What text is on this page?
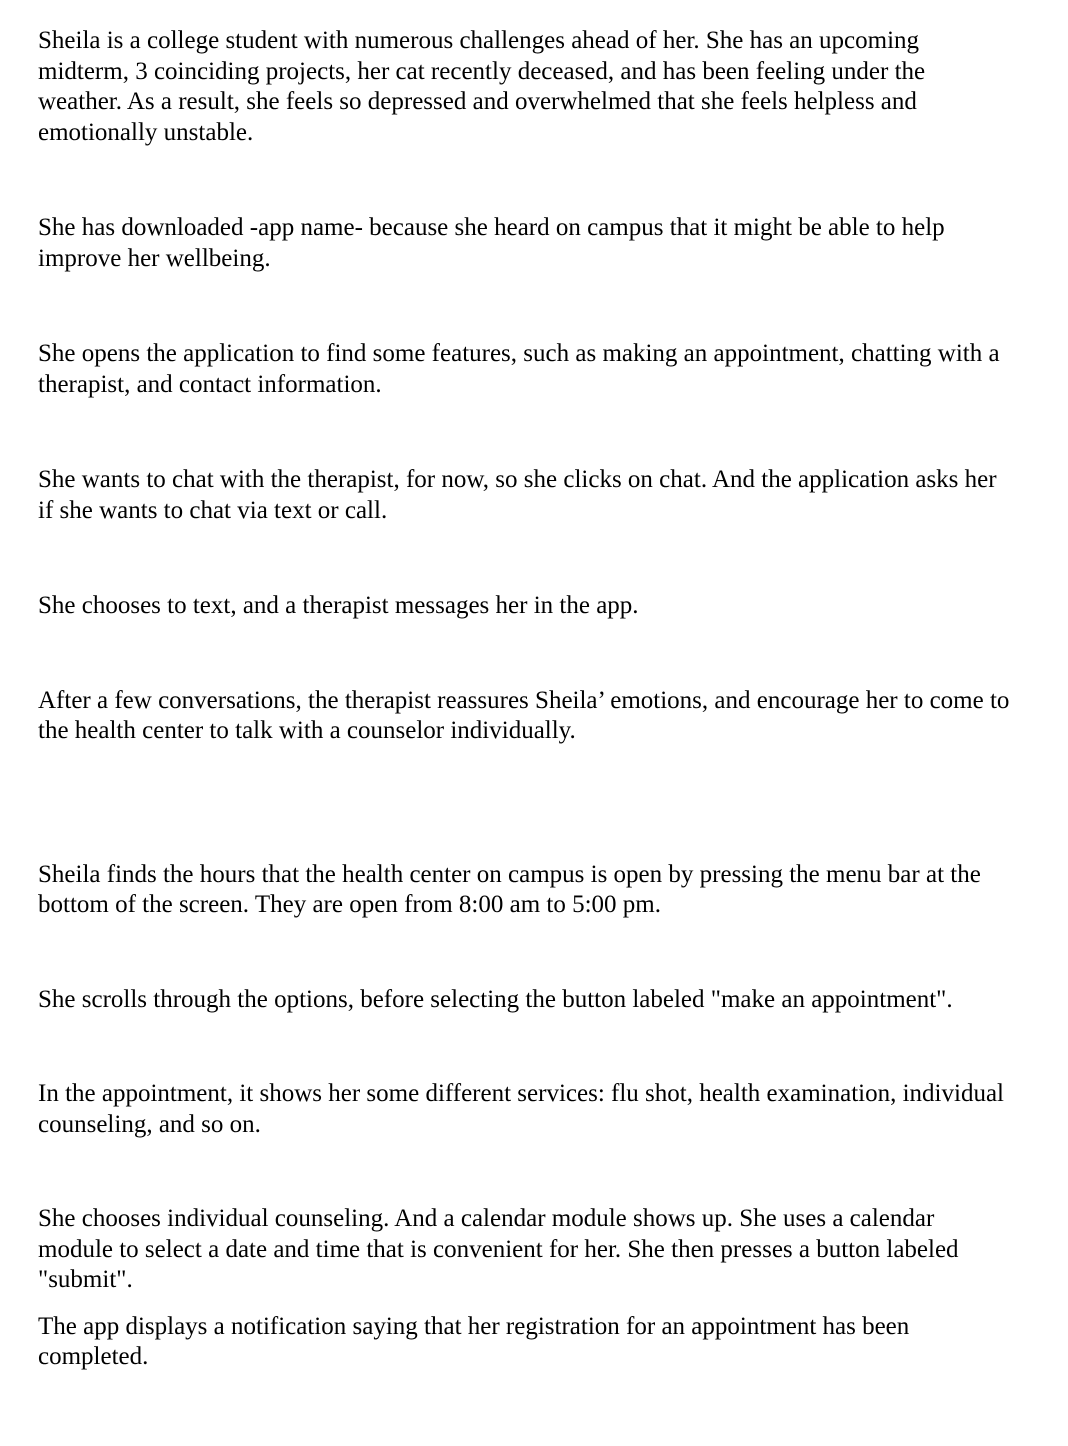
Sheila is a college student with numerous challenges ahead of her. She has an upcoming
midterm, 3 coinciding projects, her cat recently deceased, and has been feeling under the
weather. As a result, she feels so depressed and overwhelmed that she feels helpless and
emotionally unstable.

She has downloaded -app name- because she heard on campus that it might be able to help
improve her wellbeing.

She opens the application to find some features, such as making an appointment, chatting with a
therapist, and contact information.

She wants to chat with the therapist, for now, so she clicks on chat. And the application asks her
if she wants to chat via text or call.

She chooses to text, and a therapist messages her in the app.

After a few conversations, the therapist reassures Sheila’ emotions, and encourage her to come to
the health center to talk with a counselor individually.

Sheila finds the hours that the health center on campus is open by pressing the menu bar at the
bottom of the screen. They are open from 8:00 am to 5:00 pm.

She scrolls through the options, before selecting the button labeled "make an appointment".

In the appointment, it shows her some different services: flu shot, health examination, individual
counseling, and so on.

She chooses individual counseling. And a calendar module shows up. She uses a calendar
module to select a date and time that is convenient for her. She then presses a button labeled
"submit".

The app displays a notification saying that her registration for an appointment has been
completed.
